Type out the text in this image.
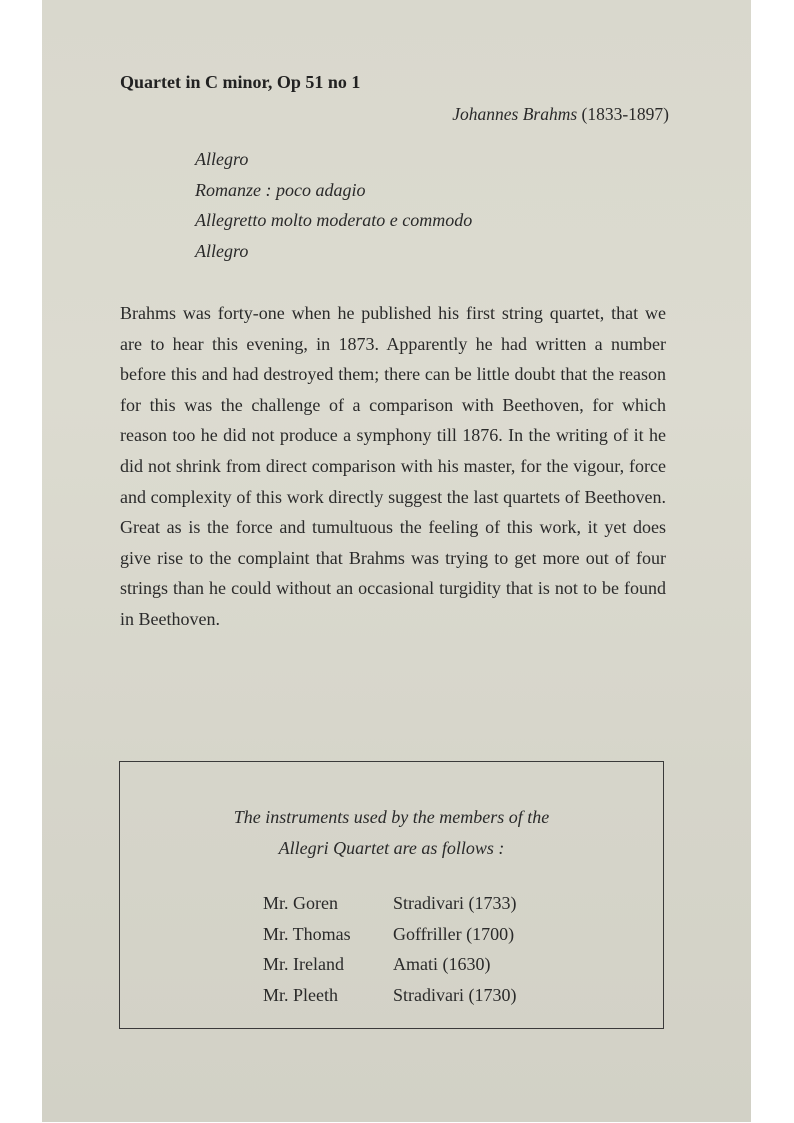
Quartet in C minor, Op 51 no 1
Johannes Brahms (1833-1897)
Allegro
Romanze : poco adagio
Allegretto molto moderato e commodo
Allegro

Brahms was forty-one when he published his first string quartet, that we are to hear this evening, in 1873. Apparently he had written a number before this and had destroyed them; there can be little doubt that the reason for this was the challenge of a comparison with Beethoven, for which reason too he did not produce a symphony till 1876. In the writing of it he did not shrink from direct comparison with his master, for the vigour, force and complexity of this work directly suggest the last quartets of Beethoven. Great as is the force and tumultuous the feeling of this work, it yet does give rise to the complaint that Brahms was trying to get more out of four strings than he could without an occasional turgidity that is not to be found in Beethoven.

The instruments used by the members of the
Allegri Quartet are as follows :

Mr. Goren	Stradivari (1733)
Mr. Thomas	Goffriller (1700)
Mr. Ireland	Amati (1630)
Mr. Pleeth	Stradivari (1730)
